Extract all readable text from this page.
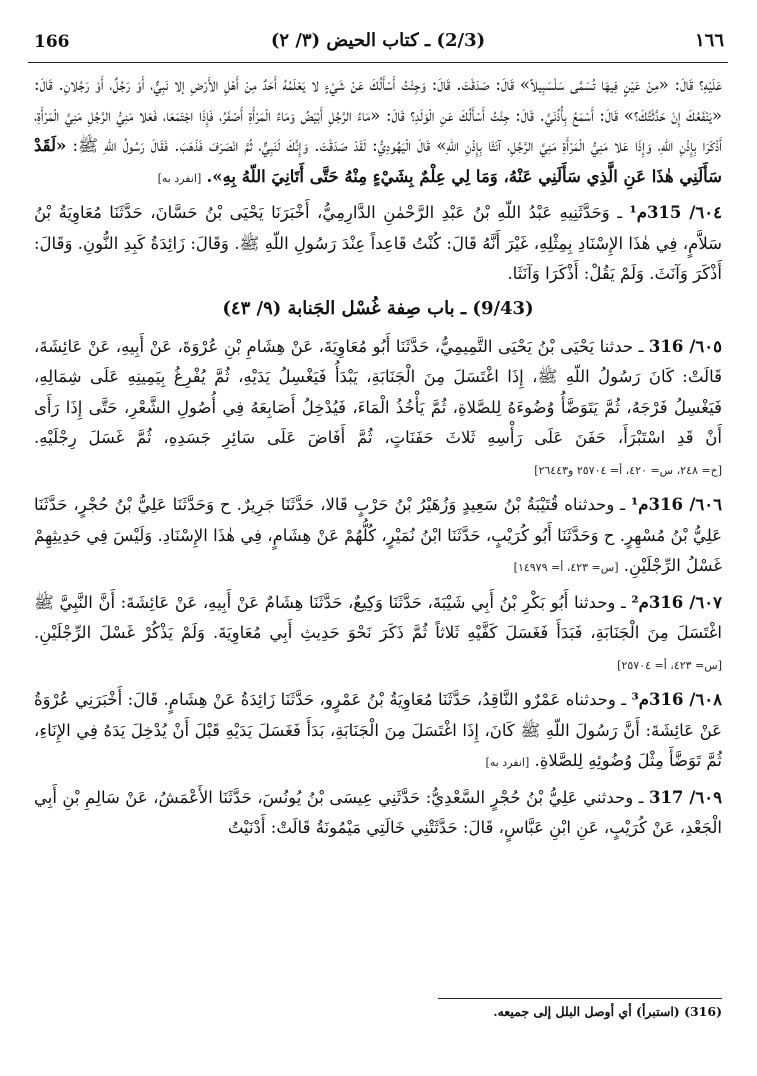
166	(2/3) ـ كتاب الحيض (٣/ ٢)	١٦٦

عَلَيْهِ؟ قَالَ: «مِنْ عَيْنٍ فِيهَا تُسَمَّى سَلْسَبِيلاً» قَالَ: صَدَقْتَ. قَالَ: وَجِئْتُ أَسْأَلُكَ عَنْ شَيْءٍ لا يَعْلَمُهُ أَحَدٌ مِنْ أَهْلِ الأَرْضِ إلا نَبِيٌّ، أَوْ رَجُلٌ، أَوْ رَجُلانِ. قَالَ: «يَنْفَعُكَ إِنْ حَدَّثْتُكَ؟» قَالَ: أَسْمَعُ بِأُذُنَيَّ. قَالَ: جِئْتُ أَسْأَلُكَ عَنِ الْوَلَدِ؟ قَالَ: «مَاءُ الرَّجُلِ أَبْيَضُ وَمَاءُ الْمَرْأَةِ أَصْفَرُ، فَإِذَا اجْتَمَعَا، فَعَلا مَنِيُّ الرَّجُلِ مَنِيَّ الْمَرْأَةِ، أَذْكَرَا بِإِذْنِ اللّهِ، وَإِذَا عَلا مَنِيُّ الْمَرْأَةِ مَنِيَّ الرَّجُلِ، آنَثَا بِإِذْنِ اللّهِ» قَالَ الْيَهُودِيُّ: لَقَدْ صَدَقْتَ. وَإِنَّكَ لَنَبِيٌّ، ثُمَّ انْصَرَفَ فَذَهَبَ. فَقَالَ رَسُولُ اللّهِ ﷺ: «لَقَدْ سَأَلَنِي هٰذَا عَنِ الَّذِي سَأَلَنِي عَنْهُ، وَمَا لِي عِلْمٌ بِشَيْءٍ مِنْهُ حَتَّى أَتَانِيَ اللّهُ بِهِ». [انفرد به]

٦٠٤/ 315م¹ ـ وَحَدَّثَنِيهِ عَبْدُ اللّهِ بْنُ عَبْدِ الرَّحْمٰنِ الدَّارِمِيُّ، أَخْبَرَنَا يَحْيَى بْنُ حَسَّانَ، حَدَّثَنَا مُعَاوِيَةُ بْنُ سَلاَّمٍ، فِي هٰذَا الإِسْنَادِ بِمِثْلِهِ، غَيْرَ أَنَّهُ قَالَ: كُنْتُ قَاعِداً عِنْدَ رَسُولِ اللّهِ ﷺ. وَقَالَ: زَائِدَةُ كَبِدِ النُّونِ. وَقَالَ: أَذْكَرَ وَآنَثَ. وَلَمْ يَقُلْ: أَذْكَرَا وَآنَثَا.

(9/43) ـ باب صِفة غُسْل الجَنابة (٩/ ٤٣)

٦٠٥/ 316 ـ حدثنا يَحْيَى بْنُ يَحْيَى التَّمِيمِيُّ، حَدَّثَنَا أَبُو مُعَاوِيَةَ، عَنْ هِشَامِ بْنِ عُرْوَةَ، عَنْ أَبِيهِ، عَنْ عَائِشَةَ، قَالَتْ: كَانَ رَسُولُ اللّهِ ﷺ، إِذَا اغْتَسَلَ مِنَ الْجَنَابَةِ، يَبْدَأُ فَيَغْسِلُ يَدَيْهِ، ثُمَّ يُفْرِغُ بِيَمِينِهِ عَلَى شِمَالِهِ، فَيَغْسِلُ فَرْجَهُ، ثُمَّ يَتَوَضَّأُ وُضُوءَهُ لِلصَّلاةِ، ثُمَّ يَأْخُذُ الْمَاءَ، فَيُدْخِلُ أَصَابِعَهُ فِي أُصُولِ الشَّعْرِ، حَتَّى إِذَا رَأَى أَنْ قَدِ اسْتَبْرَأَ، حَفَنَ عَلَى رَأْسِهِ ثَلاثَ حَفَنَاتٍ، ثُمَّ أَفَاضَ عَلَى سَائِرِ جَسَدِهِ، ثُمَّ غَسَلَ رِجْلَيْهِ. [خ= ٢٤٨، س= ٤٢٠، أ= ٢٥٧٠٤ و٢٦٤٤٣]

٦٠٦/ 316م¹ ـ وحدثناه قُتَيْبَةُ بْنُ سَعِيدٍ وَزُهَيْرُ بْنُ حَرْبٍ قَالا، حَدَّثَنَا جَرِيرٌ. ح وَحَدَّثَنَا عَلِيُّ بْنُ حُجْرٍ، حَدَّثَنَا عَلِيُّ بْنُ مُسْهِرٍ. ح وَحَدَّثَنَا أَبُو كُرَيْبٍ، حَدَّثَنَا ابْنُ نُمَيْرٍ، كُلُّهُمْ عَنْ هِشَامٍ، فِي هٰذَا الإِسْنَادِ. وَلَيْسَ فِي حَدِيثِهِمْ غَسْلُ الرِّجْلَيْنِ. [س= ٤٢٣، أ= ١٤٩٧٩]

٦٠٧/ 316م² ـ وحدثنا أَبُو بَكْرِ بْنُ أَبِي شَيْبَةَ، حَدَّثَنَا وَكِيعٌ، حَدَّثَنَا هِشَامٌ عَنْ أَبِيهِ، عَنْ عَائِشَةَ: أَنَّ النَّبِيَّ ﷺ اغْتَسَلَ مِنَ الْجَنَابَةِ، فَبَدَأَ فَغَسَلَ كَفَّيْهِ ثَلاثاً ثُمَّ ذَكَرَ نَحْوَ حَدِيثِ أَبِي مُعَاوِيَةَ. وَلَمْ يَذْكُرْ غَسْلَ الرِّجْلَيْنِ. [س= ٤٢٣، أ= ٢٥٧٠٤]

٦٠٨/ 316م³ ـ وحدثناه عَمْرٌو النَّاقِدُ، حَدَّثَنَا مُعَاوِيَةُ بْنُ عَمْرٍو، حَدَّثَنَا زَائِدَةُ عَنْ هِشَامٍ. قَالَ: أَخْبَرَنِي عُرْوَةُ عَنْ عَائِشَةَ: أَنَّ رَسُولَ اللّهِ ﷺ كَانَ، إِذَا اغْتَسَلَ مِنَ الْجَنَابَةِ، بَدَأَ فَغَسَلَ يَدَيْهِ قَبْلَ أَنْ يُدْخِلَ يَدَهُ فِي الإِنَاءِ، ثُمَّ تَوَضَّأَ مِثْلَ وُضُوئِهِ لِلصَّلاةِ. [انفرد به]

٦٠٩/ 317 ـ وحدثني عَلِيُّ بْنُ حُجْرٍ السَّعْدِيُّ: حَدَّثَنِي عِيسَى بْنُ يُونُسَ، حَدَّثَنَا الأَعْمَشُ، عَنْ سَالِمِ بْنِ أَبِي الْجَعْدِ، عَنْ كُرَيْبٍ، عَنِ ابْنِ عَبَّاسٍ، قَالَ: حَدَّثَتْنِي خَالَتِي مَيْمُونَةُ قَالَتْ: أَدْنَيْتُ

(316) (استبرأ) أي أوصل البلل إلى جميعه.
